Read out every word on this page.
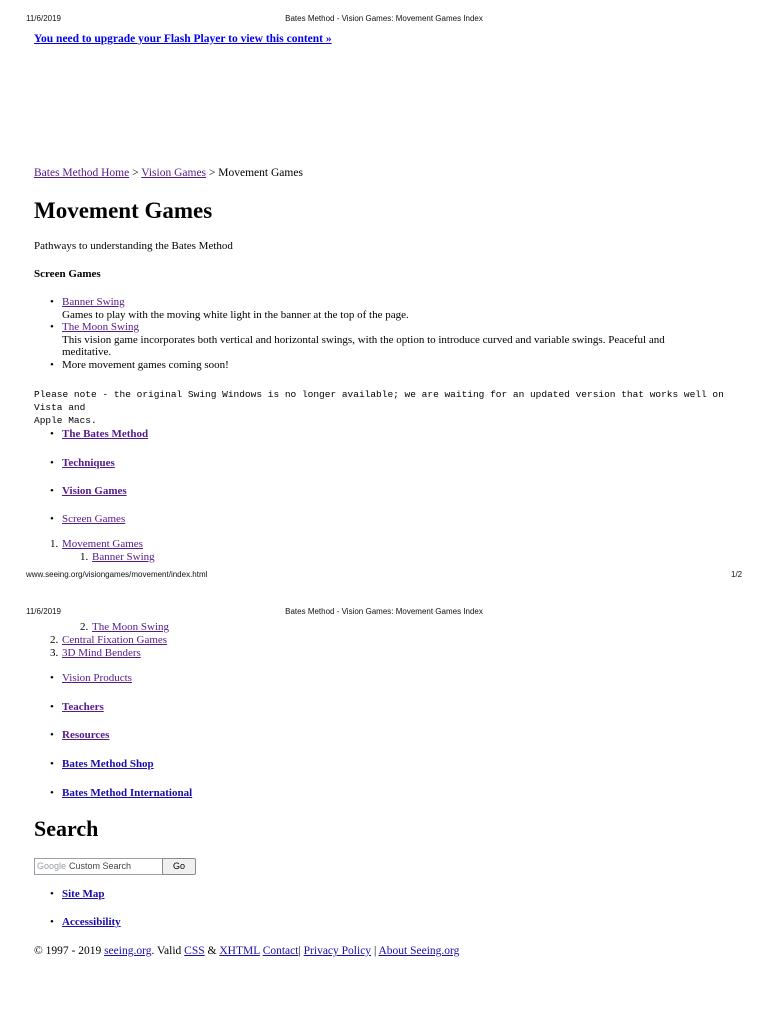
11/6/2019	Bates Method - Vision Games: Movement Games Index
You need to upgrade your Flash Player to view this content »
Bates Method Home > Vision Games > Movement Games
Movement Games
Pathways to understanding the Bates Method
Screen Games
• Banner Swing
Games to play with the moving white light in the banner at the top of the page.
• The Moon Swing
This vision game incorporates both vertical and horizontal swings, with the option to introduce curved and variable swings. Peaceful and
meditative.
• More movement games coming soon!
Please note - the original Swing Windows is no longer available; we are waiting for an updated version that works well on Vista and
Apple Macs.
• The Bates Method
• Techniques
• Vision Games
• Screen Games
1. Movement Games
1. Banner Swing
www.seeing.org/visiongames/movement/index.html	1/2
11/6/2019	Bates Method - Vision Games: Movement Games Index
2. The Moon Swing
2. Central Fixation Games
3. 3D Mind Benders
• Vision Products
• Teachers
• Resources
• Bates Method Shop
• Bates Method International
Search
Google Custom Search	Go
• Site Map
• Accessibility
© 1997 - 2019 seeing.org. Valid CSS & XHTML Contact| Privacy Policy | About Seeing.org
